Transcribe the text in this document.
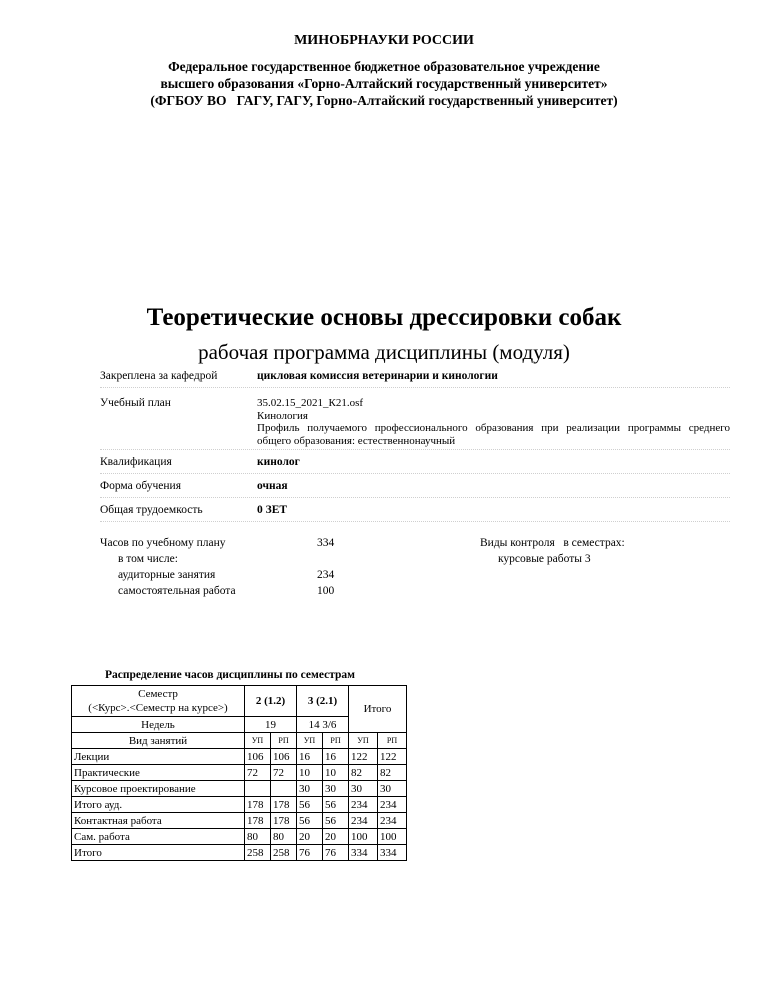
МИНОБРНАУКИ РОССИИ
Федеральное государственное бюджетное образовательное учреждение
высшего образования «Горно-Алтайский государственный университет»
(ФГБОУ ВО   ГАГУ, ГАГУ, Горно-Алтайский государственный университет)
Теоретические основы дрессировки собак
рабочая программа дисциплины (модуля)
Закреплена за кафедрой	цикловая комиссия ветеринарии и кинологии
Учебный план	35.02.15_2021_К21.osf
Кинология
Профиль получаемого профессионального образования при реализации программы среднего общего образования: естественнонаучный
Квалификация	кинолог
Форма обучения	очная
Общая трудоемкость	0 ЗЕТ
Часов по учебному плану	334
в том числе:
аудиторные занятия	234
самостоятельная работа	100
Виды контроля   в семестрах:
курсовые работы 3
Распределение часов дисциплины по семестрам
Семестр
(<Курс>.<Семестр на курсе>)	2 (1.2)		3 (2.1)		Итого	
Недель	19		14 3/6			
Вид занятий	УП	РП	УП	РП	УП	РП
Лекции	106	106	16	16	122	122
Практические	72	72	10	10	82	82
Курсовое проектирование			30	30	30	30
Итого ауд.	178	178	56	56	234	234
Контактная работа	178	178	56	56	234	234
Сам. работа	80	80	20	20	100	100
Итого	258	258	76	76	334	334
